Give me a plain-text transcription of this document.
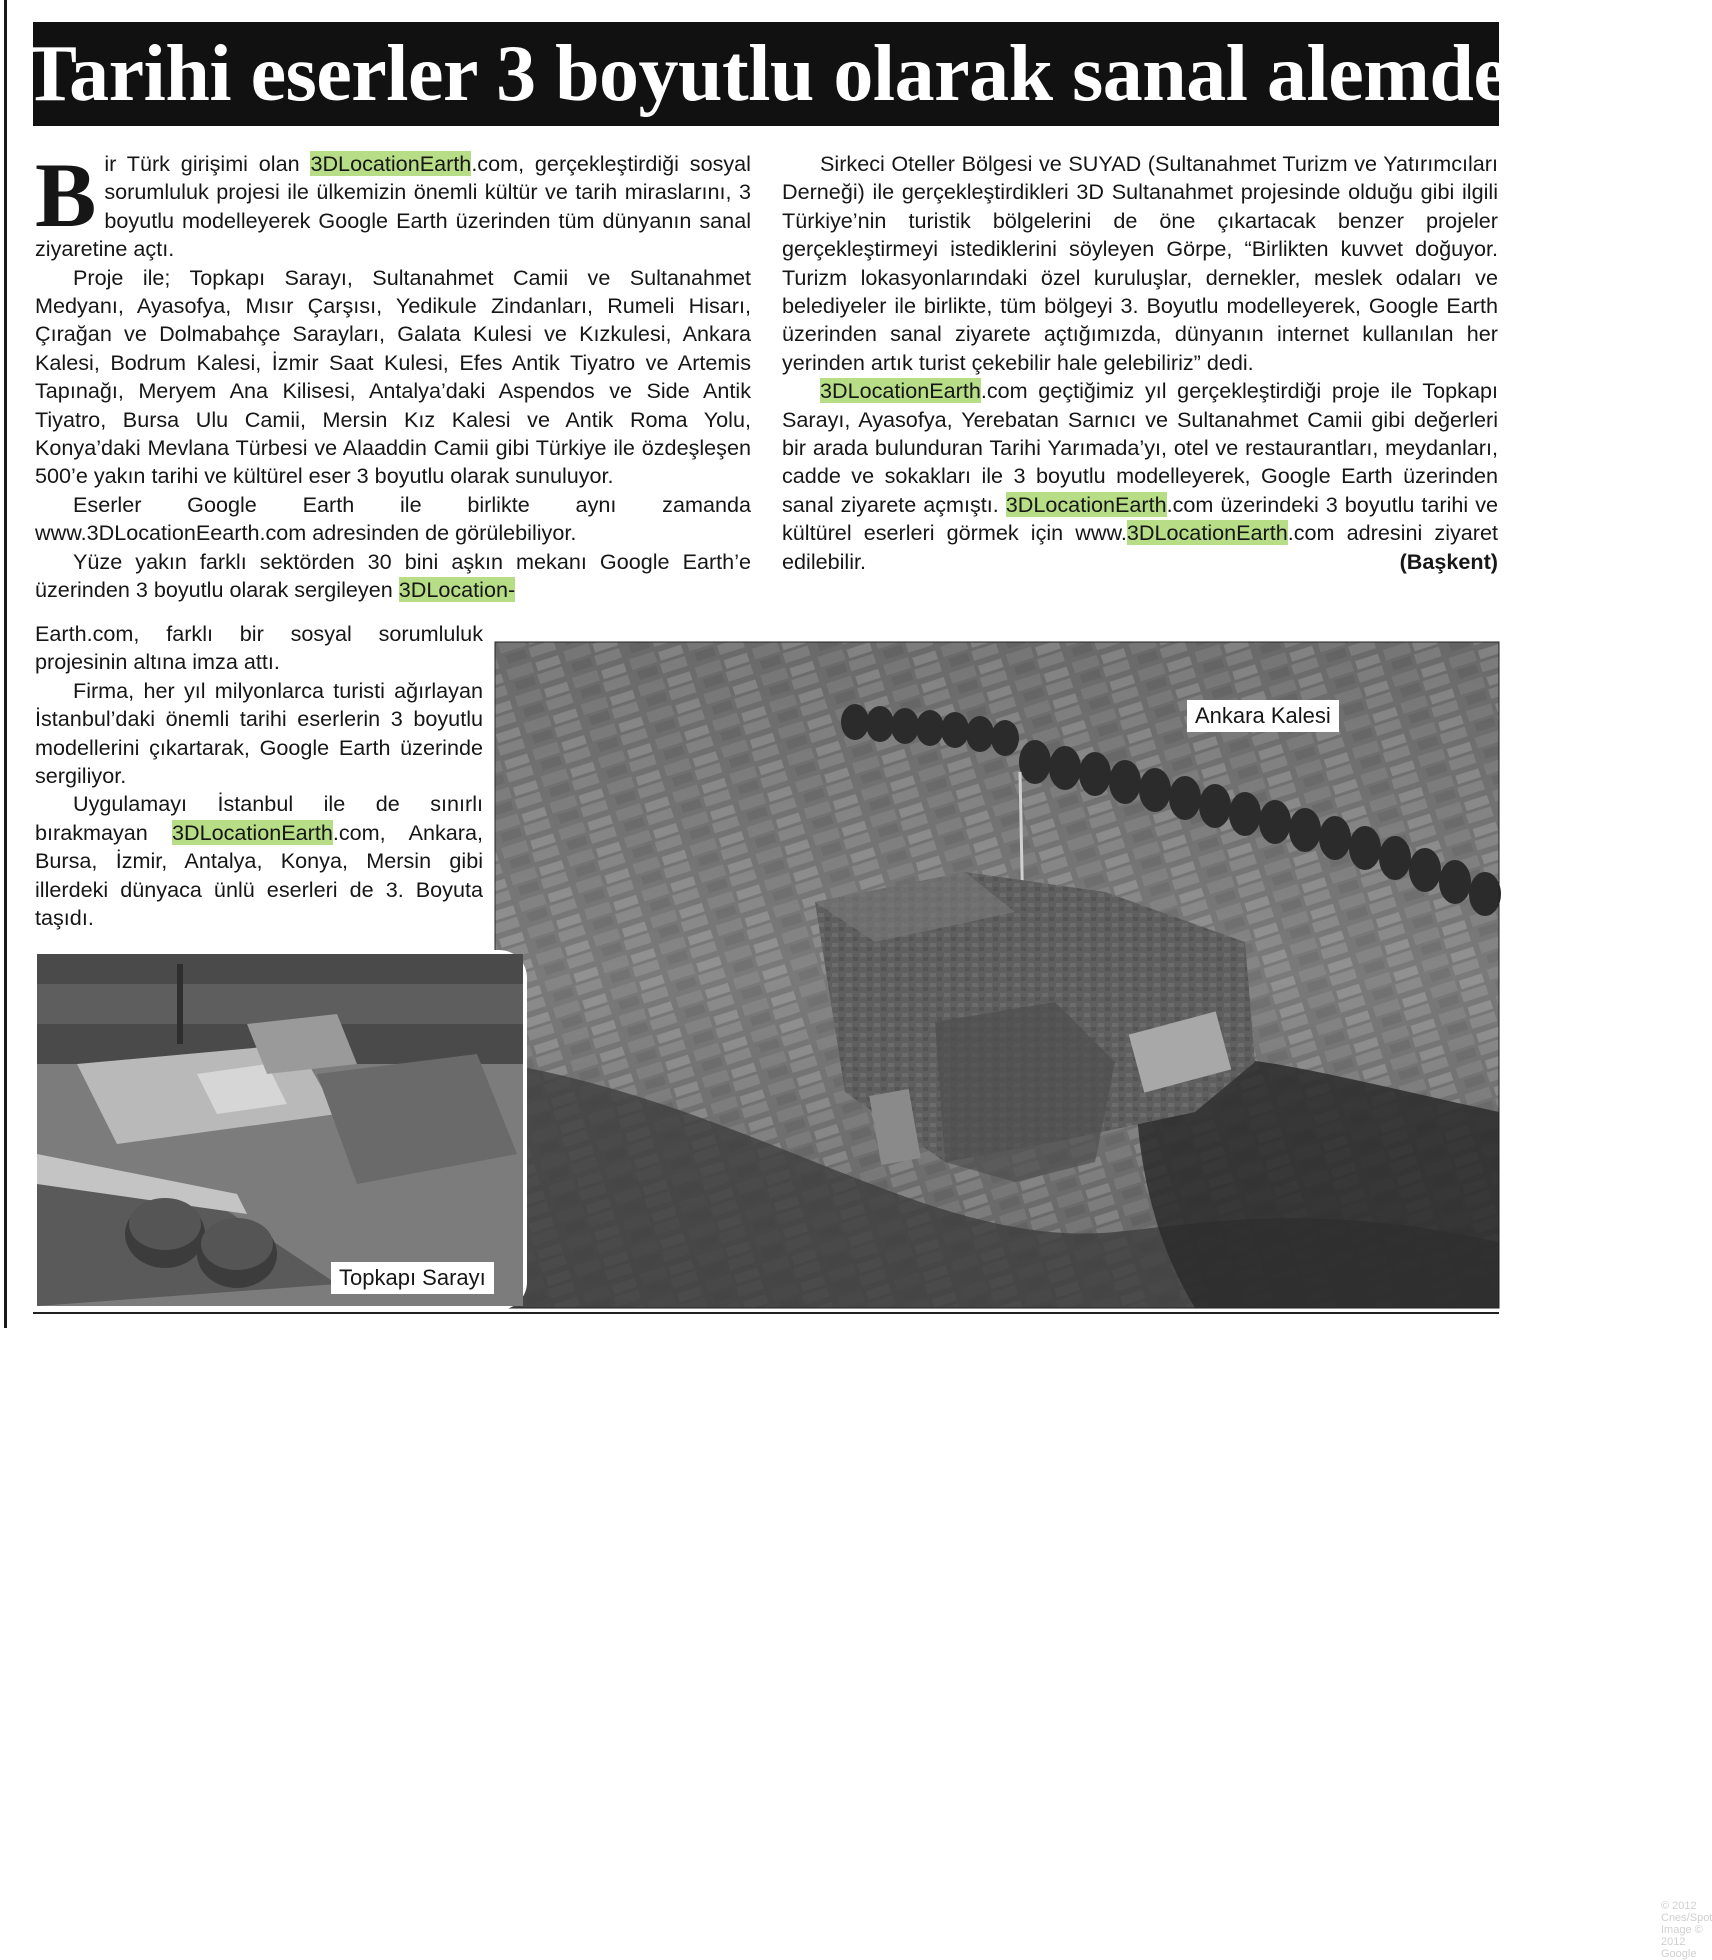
Tarihi eserler 3 boyutlu olarak sanal alemde

Bir Türk girişimi olan 3DLocationEarth.com, gerçekleştirdiği sosyal sorumluluk projesi ile ülkemizin önemli kültür ve tarih miraslarını, 3 boyutlu modelleyerek Google Earth üzerinden tüm dünyanın sanal ziyaretine açtı.

Proje ile; Topkapı Sarayı, Sultanahmet Camii ve Sultanahmet Medyanı, Ayasofya, Mısır Çarşısı, Yedikule Zindanları, Rumeli Hisarı, Çırağan ve Dolmabahçe Sarayları, Galata Kulesi ve Kızkulesi, Ankara Kalesi, Bodrum Kalesi, İzmir Saat Kulesi, Efes Antik Tiyatro ve Artemis Tapınağı, Meryem Ana Kilisesi, Antalya’daki Aspendos ve Side Antik Tiyatro, Bursa Ulu Camii, Mersin Kız Kalesi ve Antik Roma Yolu, Konya’daki Mevlana Türbesi ve Alaaddin Camii gibi Türkiye ile özdeşleşen 500’e yakın tarihi ve kültürel eser 3 boyutlu olarak sunuluyor.

Eserler Google Earth ile birlikte aynı zamanda www.3DLocationEearth.com adresinden de görülebiliyor.

Yüze yakın farklı sektörden 30 bini aşkın mekanı Google Earth’e üzerinden 3 boyutlu olarak sergileyen 3DLocation-

Earth.com, farklı bir sosyal sorumluluk projesinin altına imza attı.

Firma, her yıl milyonlarca turisti ağırlayan İstanbul’daki önemli tarihi eserlerin 3 boyutlu modellerini çıkartarak, Google Earth üzerinde sergiliyor.

Uygulamayı İstanbul ile de sınırlı bırakmayan 3DLocationEarth.com, Ankara, Bursa, İzmir, Antalya, Konya, Mersin gibi illerdeki dünyaca ünlü eserleri de 3. Boyuta taşıdı.

Sirkeci Oteller Bölgesi ve SUYAD (Sultanahmet Turizm ve Yatırımcıları Derneği) ile gerçekleştirdikleri 3D Sultanahmet projesinde olduğu gibi ilgili Türkiye’nin turistik bölgelerini de öne çıkartacak benzer projeler gerçekleştirmeyi istediklerini söyleyen Görpe, “Birlikten kuvvet doğuyor. Turizm lokasyonlarındaki özel kuruluşlar, dernekler, meslek odaları ve belediyeler ile birlikte, tüm bölgeyi 3. Boyutlu modelleyerek, Google Earth üzerinden sanal ziyarete açtığımızda, dünyanın internet kullanılan her yerinden artık turist çekebilir hale gelebiliriz” dedi.

3DLocationEarth.com geçtiğimiz yıl gerçekleştirdiği proje ile Topkapı Sarayı, Ayasofya, Yerebatan Sarnıcı ve Sultanahmet Camii gibi değerleri bir arada bulunduran Tarihi Yarımada’yı, otel ve restaurantları, meydanları, cadde ve sokakları ile 3 boyutlu modelleyerek, Google Earth üzerinden sanal ziyarete açmıştı. 3DLocationEarth.com üzerindeki 3 boyutlu tarihi ve kültürel eserleri görmek için www.3DLocationEarth.com adresini ziyaret edilebilir.	(Başkent)

© 2012 Cnes/Spot Image © 2012 Google
Ankara Kalesi
Topkapı Sarayı
